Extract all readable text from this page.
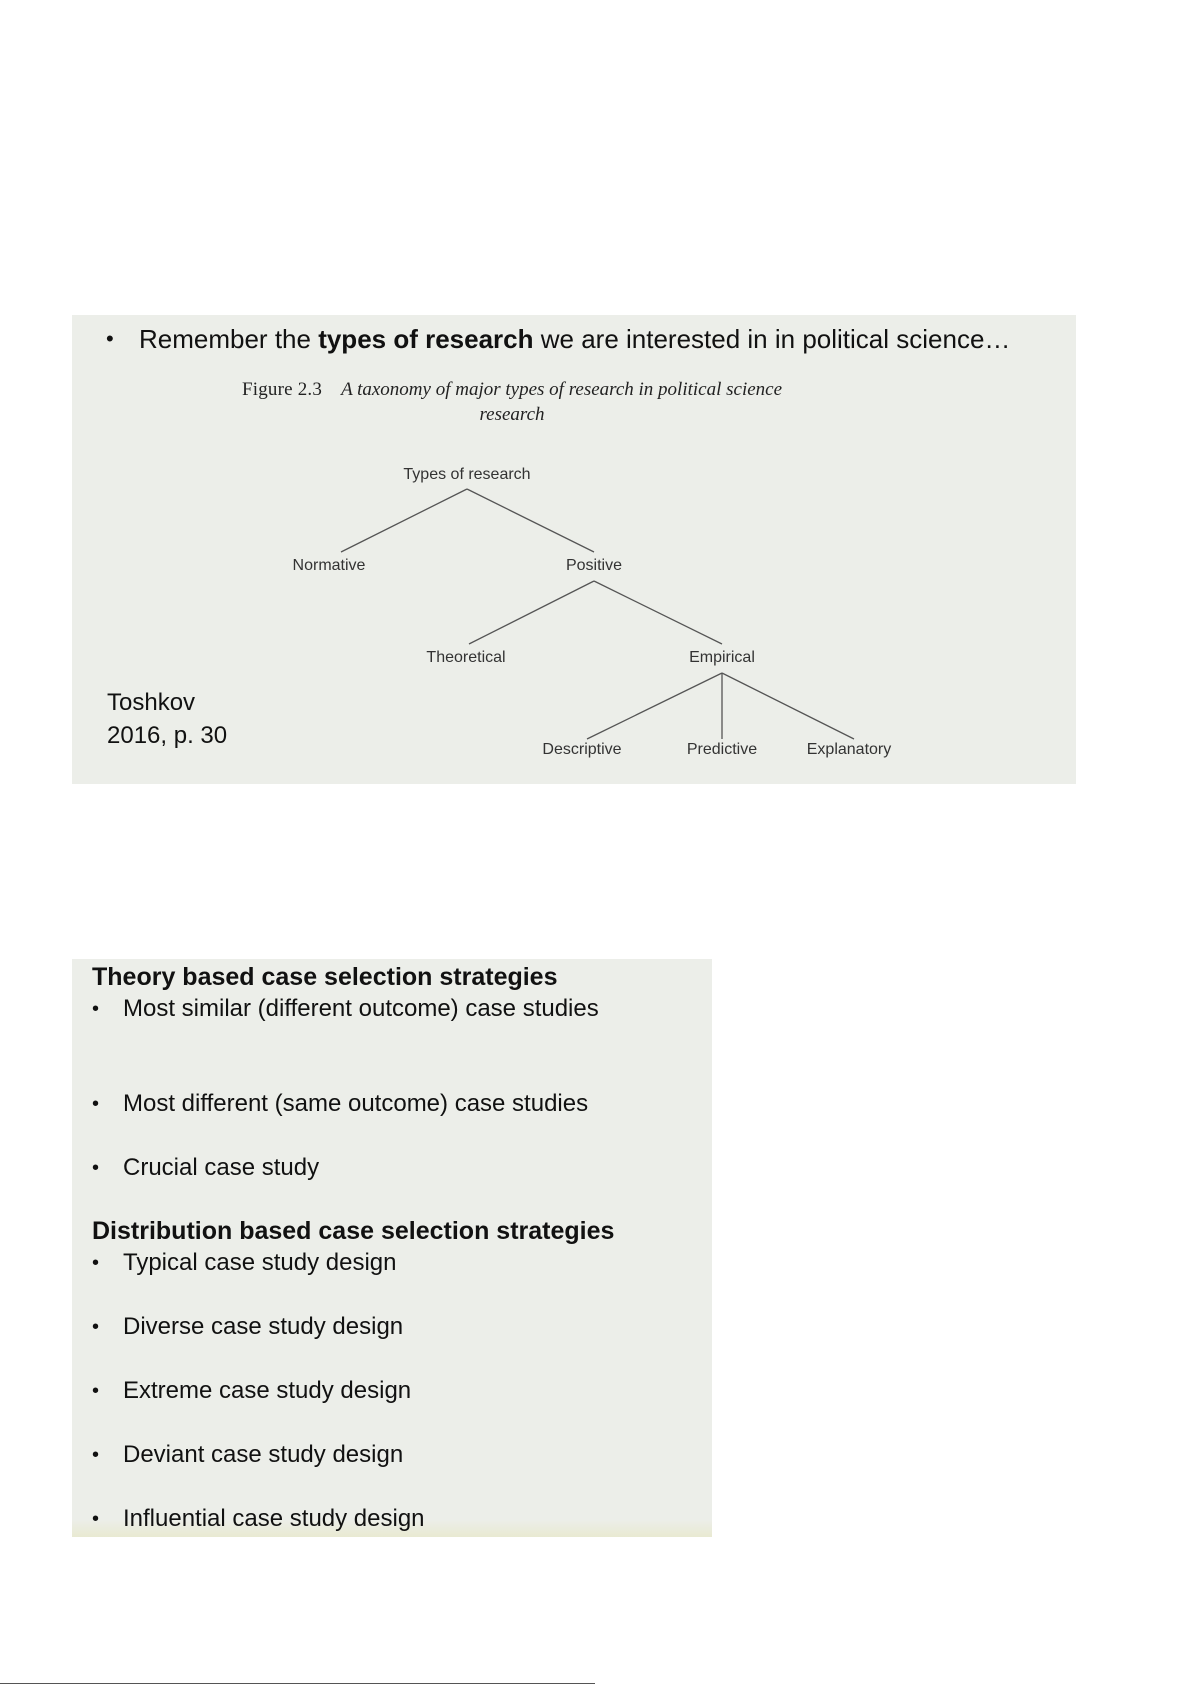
• Remember the types of research we are interested in in political science…
Figure 2.3 A taxonomy of major types of research in political science research
Types of research
Normative	Positive
Theoretical	Empirical
Descriptive	Predictive	Explanatory
Toshkov
2016, p. 30
Theory based case selection strategies
• Most similar (different outcome) case studies
• Most different (same outcome) case studies
• Crucial case study
Distribution based case selection strategies
• Typical case study design
• Diverse case study design
• Extreme case study design
• Deviant case study design
• Influential case study design
